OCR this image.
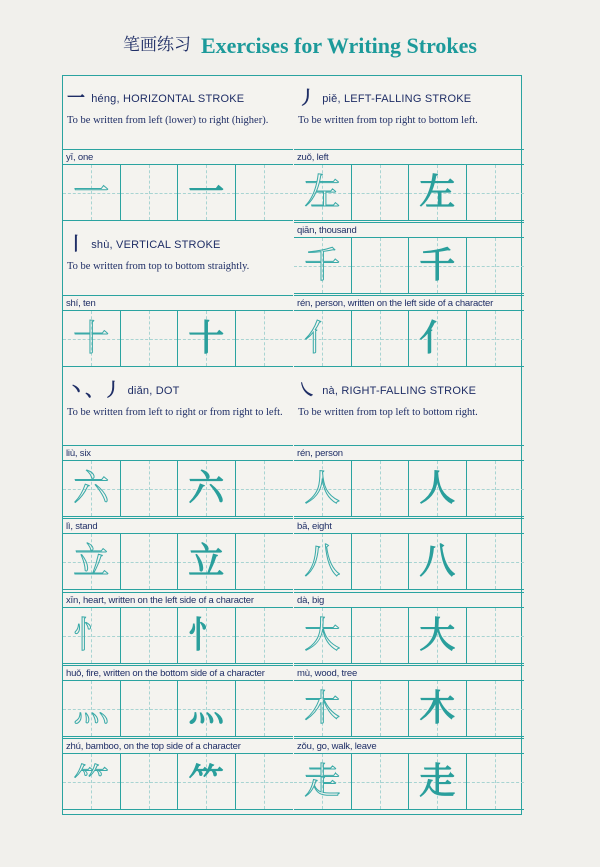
笔画练习 Exercises for Writing Strokes
一héng, HORIZONTAL STROKE
To be written from left (lower) to right (higher).
yī, one
一 一
丨shù, VERTICAL STROKE
To be written from top to bottom straightly.
shí, ten
十 十
丶、丿 diǎn, DOT
To be written from left to right or from right to left.
liù, six
六 六
lì, stand
立 立
xīn, heart, written on the left side of a character
忄 忄
huǒ, fire, written on the bottom side of a character
灬 灬
zhú, bamboo, on the top side of a character
⺮ ⺮
丿piě, LEFT-FALLING STROKE
To be written from top right to bottom left.
zuǒ, left
左 左
qiān, thousand
千 千
rén, person, written on the left side of a character
亻 亻
㇏ nà, RIGHT-FALLING STROKE
To be written from top left to bottom right.
rén, person
人 人
bā, eight
八 八
dà, big
大 大
mù, wood, tree
木 木
zǒu, go, walk, leave
走 走
